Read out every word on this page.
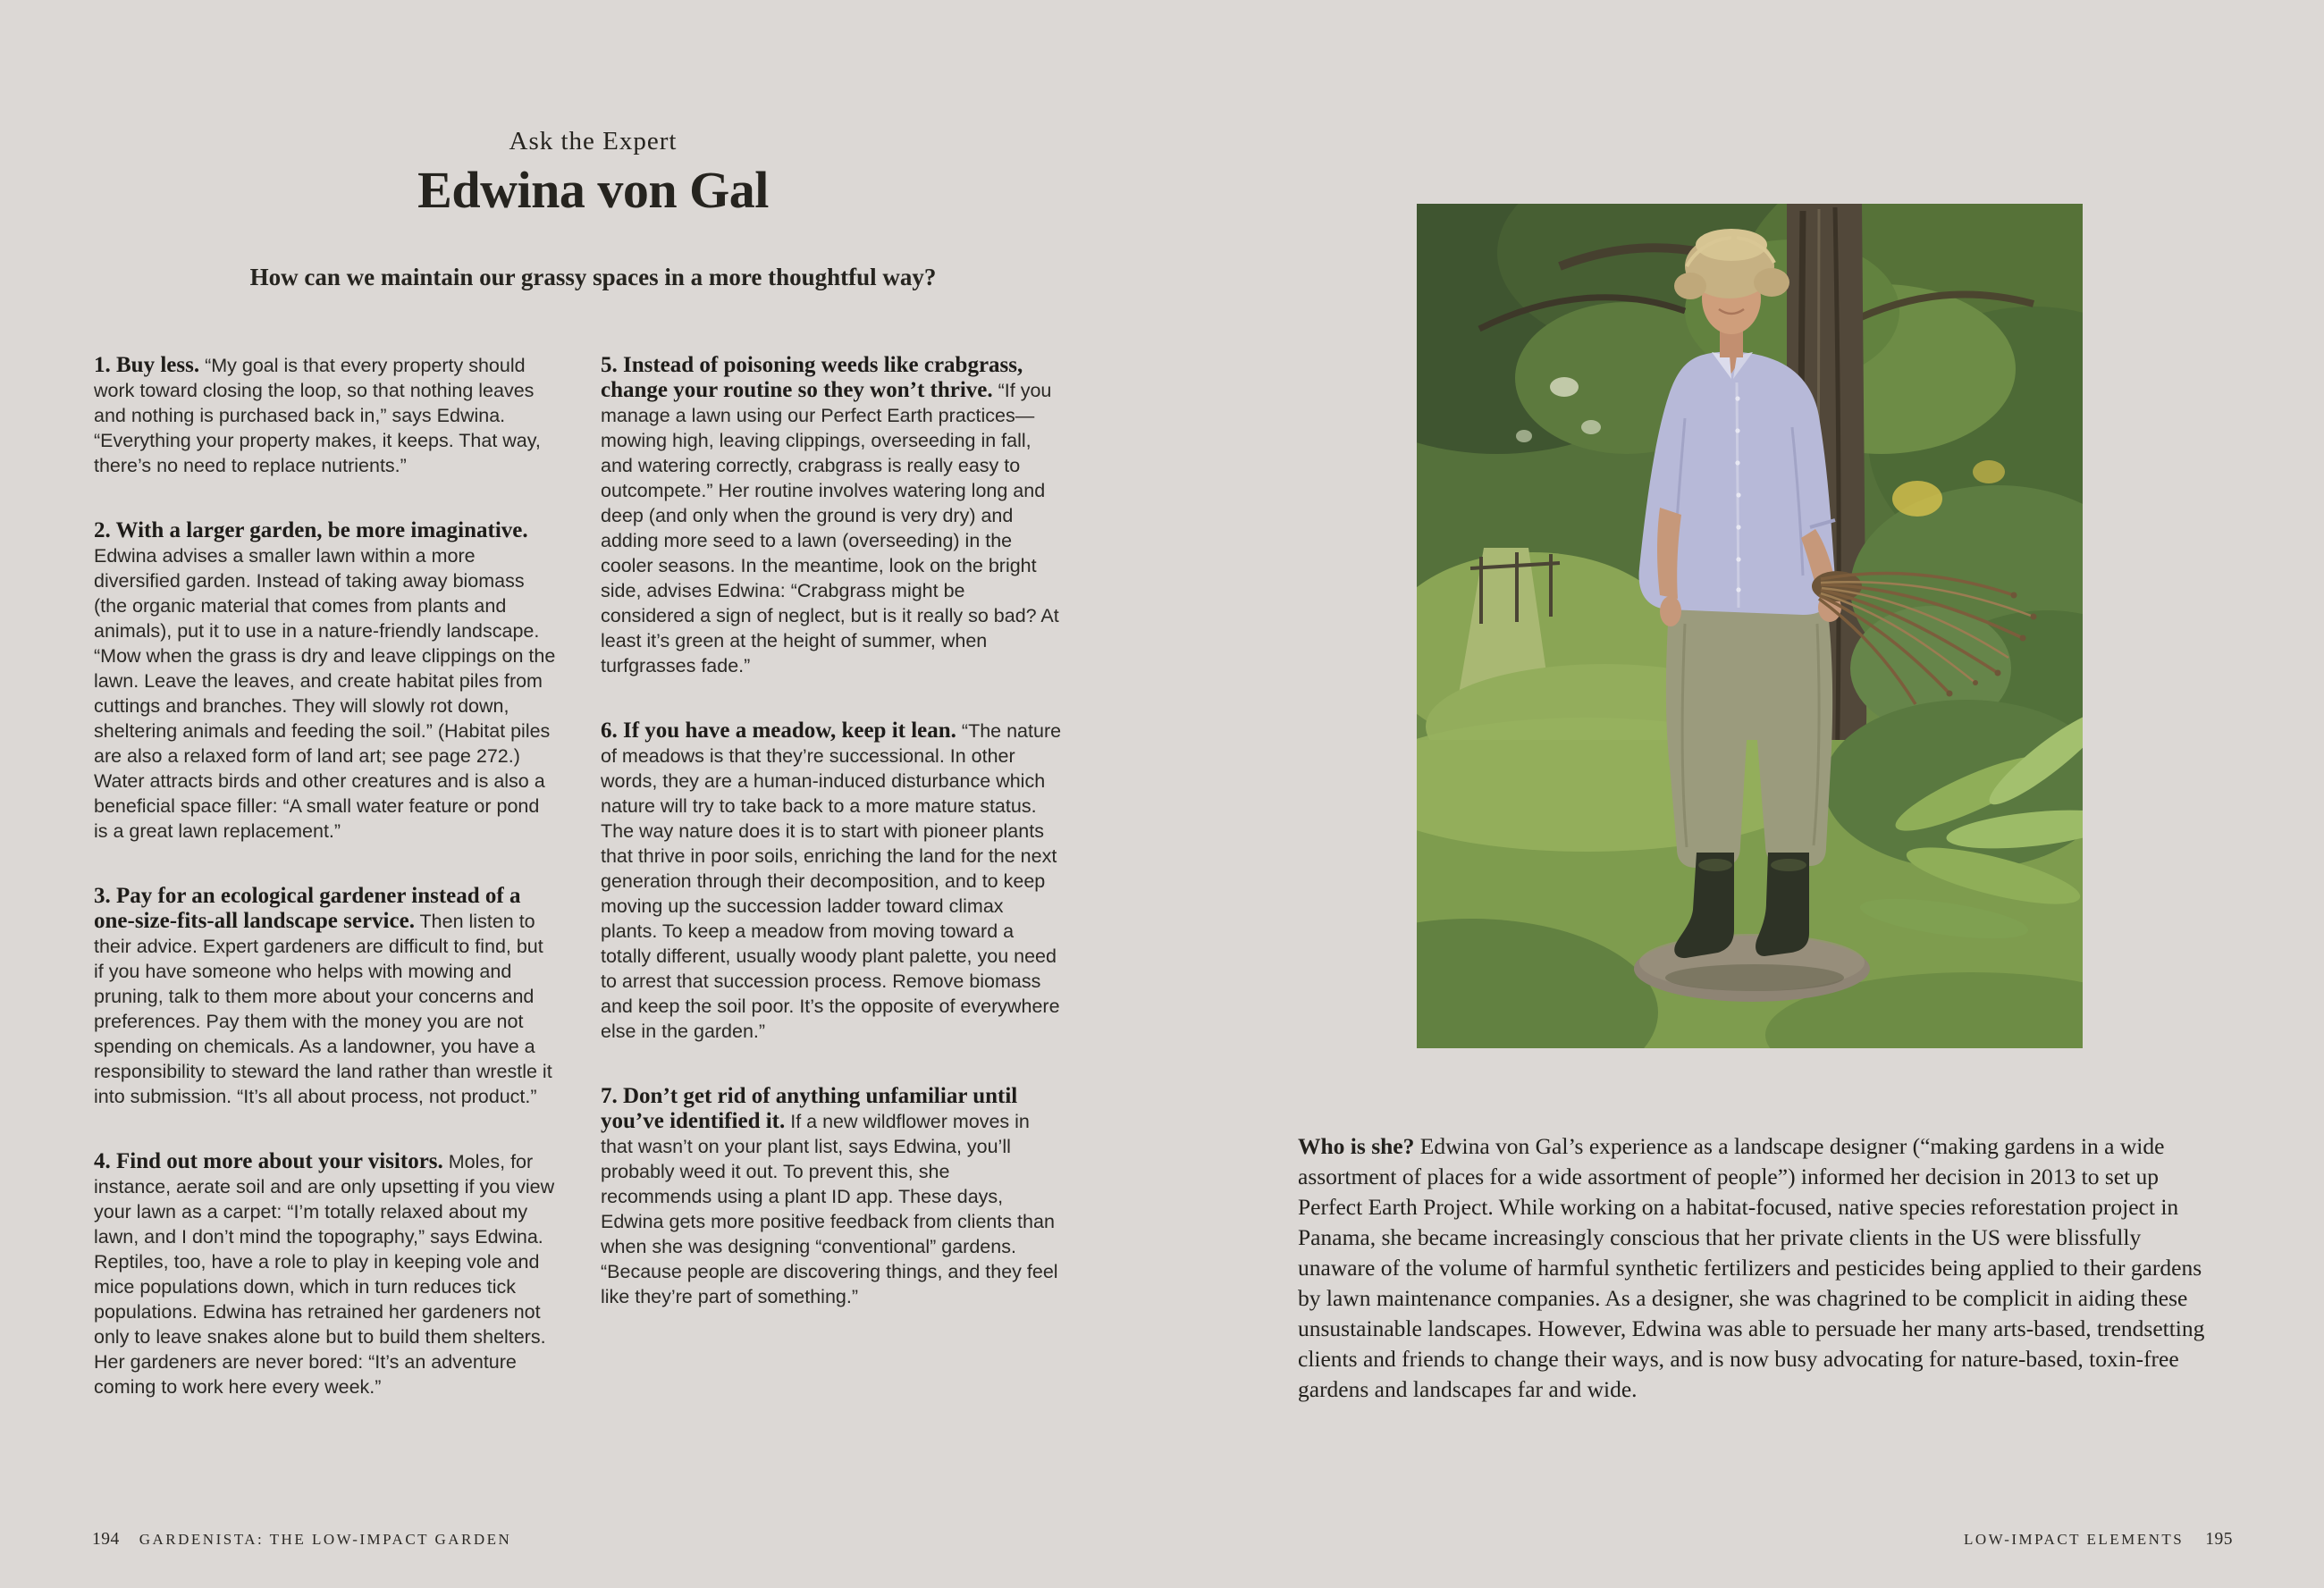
Ask the Expert
Edwina von Gal
How can we maintain our grassy spaces in a more thoughtful way?

1. Buy less. “My goal is that every property should work toward closing the loop, so that nothing leaves and nothing is purchased back in,” says Edwina. “Everything your property makes, it keeps. That way, there’s no need to replace nutrients.”

2. With a larger garden, be more imaginative. Edwina advises a smaller lawn within a more diversified garden. Instead of taking away biomass (the organic material that comes from plants and animals), put it to use in a nature-friendly landscape. “Mow when the grass is dry and leave clippings on the lawn. Leave the leaves, and create habitat piles from cuttings and branches. They will slowly rot down, sheltering animals and feeding the soil.” (Habitat piles are also a relaxed form of land art; see page 272.) Water attracts birds and other creatures and is also a beneficial space filler: “A small water feature or pond is a great lawn replacement.”

3. Pay for an ecological gardener instead of a one-size-fits-all landscape service. Then listen to their advice. Expert gardeners are difficult to find, but if you have someone who helps with mowing and pruning, talk to them more about your concerns and preferences. Pay them with the money you are not spending on chemicals. As a landowner, you have a responsibility to steward the land rather than wrestle it into submission. “It’s all about process, not product.”

4. Find out more about your visitors. Moles, for instance, aerate soil and are only upsetting if you view your lawn as a carpet: “I’m totally relaxed about my lawn, and I don’t mind the topography,” says Edwina. Reptiles, too, have a role to play in keeping vole and mice populations down, which in turn reduces tick populations. Edwina has retrained her gardeners not only to leave snakes alone but to build them shelters. Her gardeners are never bored: “It’s an adventure coming to work here every week.”

5. Instead of poisoning weeds like crabgrass, change your routine so they won’t thrive. “If you manage a lawn using our Perfect Earth practices—mowing high, leaving clippings, overseeding in fall, and watering correctly, crabgrass is really easy to outcompete.” Her routine involves watering long and deep (and only when the ground is very dry) and adding more seed to a lawn (overseeding) in the cooler seasons. In the meantime, look on the bright side, advises Edwina: “Crabgrass might be considered a sign of neglect, but is it really so bad? At least it’s green at the height of summer, when turfgrasses fade.”

6. If you have a meadow, keep it lean. “The nature of meadows is that they’re successional. In other words, they are a human-induced disturbance which nature will try to take back to a more mature status. The way nature does it is to start with pioneer plants that thrive in poor soils, enriching the land for the next generation through their decomposition, and to keep moving up the succession ladder toward climax plants. To keep a meadow from moving toward a totally different, usually woody plant palette, you need to arrest that succession process. Remove biomass and keep the soil poor. It’s the opposite of everywhere else in the garden.”

7. Don’t get rid of anything unfamiliar until you’ve identified it. If a new wildflower moves in that wasn’t on your plant list, says Edwina, you’ll probably weed it out. To prevent this, she recommends using a plant ID app. These days, Edwina gets more positive feedback from clients than when she was designing “conventional” gardens. “Because people are discovering things, and they feel like they’re part of something.”

Who is she? Edwina von Gal’s experience as a landscape designer (“making gardens in a wide assortment of places for a wide assortment of people”) informed her decision in 2013 to set up Perfect Earth Project. While working on a habitat-focused, native species reforestation project in Panama, she became increasingly conscious that her private clients in the US were blissfully unaware of the volume of harmful synthetic fertilizers and pesticides being applied to their gardens by lawn maintenance companies. As a designer, she was chagrined to be complicit in aiding these unsustainable landscapes. However, Edwina was able to persuade her many arts-based, trendsetting clients and friends to change their ways, and is now busy advocating for nature-based, toxin-free gardens and landscapes far and wide.
194 GARDENISTA: THE LOW-IMPACT GARDEN	LOW-IMPACT ELEMENTS 195
